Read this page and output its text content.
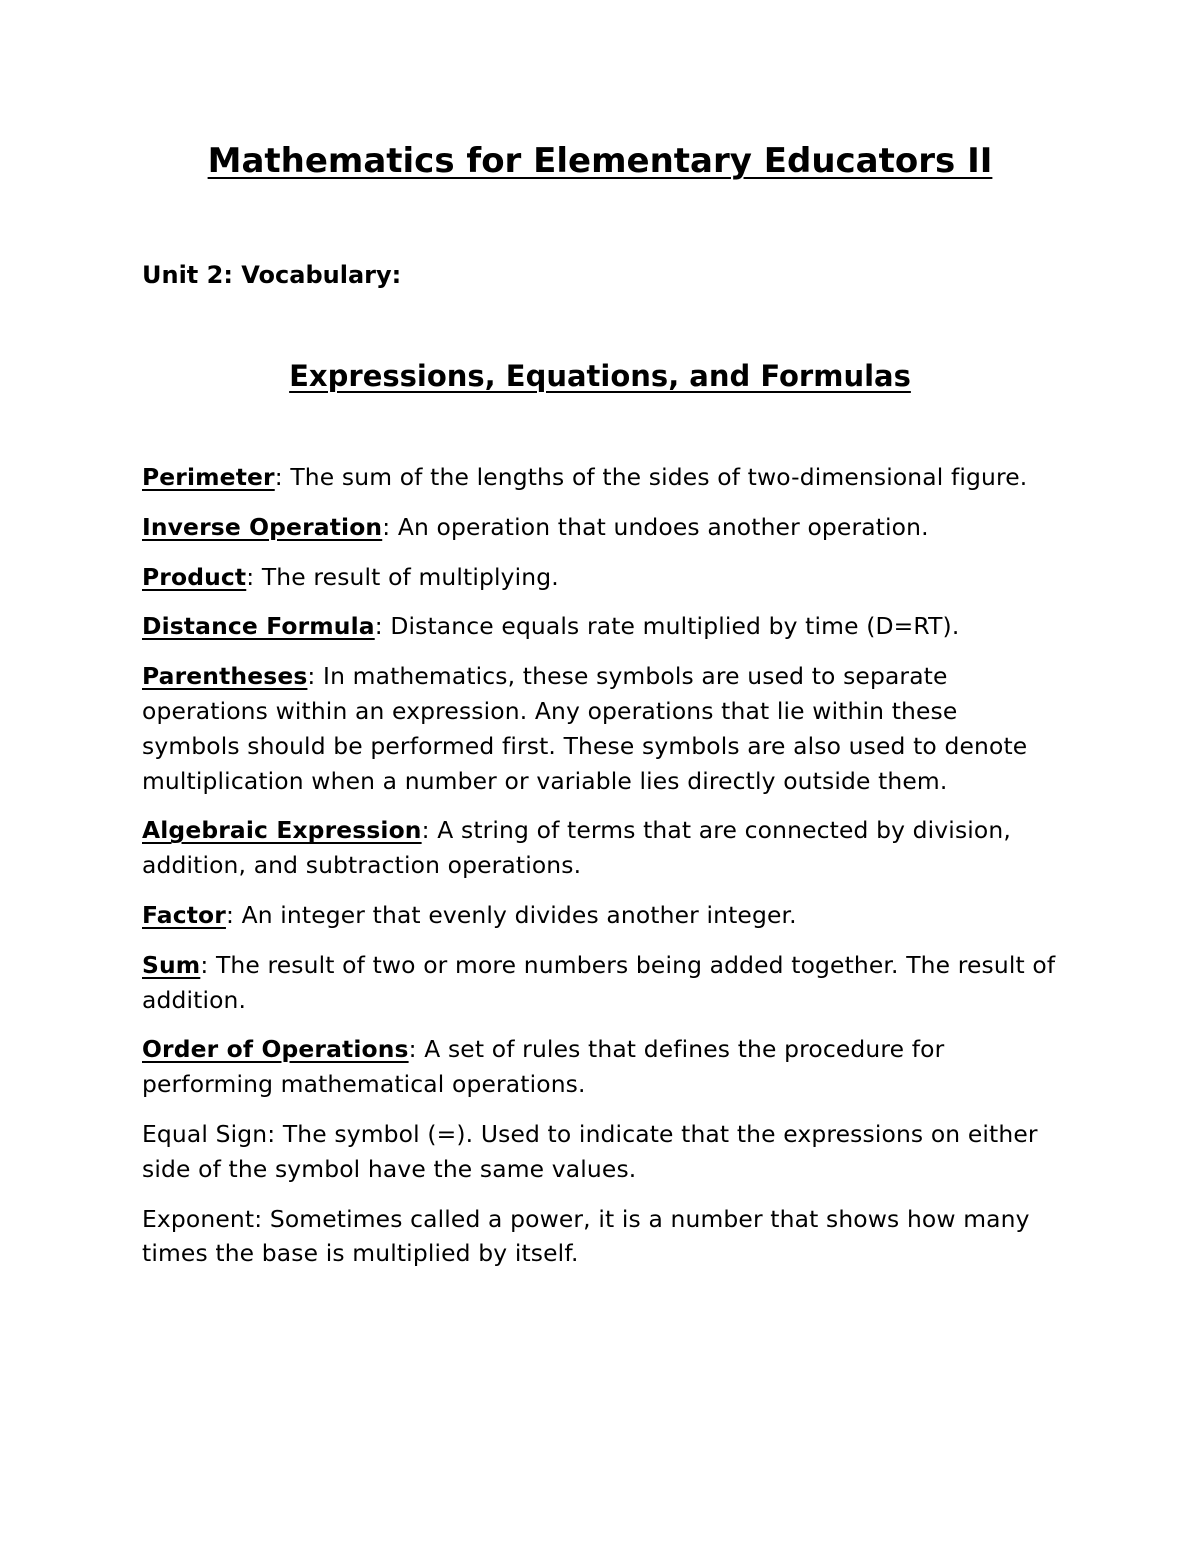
Mathematics for Elementary Educators II

Unit 2: Vocabulary:

Expressions, Equations, and Formulas
Perimeter: The sum of the lengths of the sides of two-dimensional figure.
Inverse Operation: An operation that undoes another operation.
Product: The result of multiplying.
Distance Formula: Distance equals rate multiplied by time (D=RT).
Parentheses: In mathematics, these symbols are used to separate operations within an expression. Any operations that lie within these symbols should be performed first. These symbols are also used to denote multiplication when a number or variable lies directly outside them.
Algebraic Expression: A string of terms that are connected by division, addition, and subtraction operations.
Factor: An integer that evenly divides another integer.
Sum: The result of two or more numbers being added together. The result of addition.
Order of Operations: A set of rules that defines the procedure for performing mathematical operations.
Equal Sign: The symbol (=). Used to indicate that the expressions on either side of the symbol have the same values.
Exponent: Sometimes called a power, it is a number that shows how many times the base is multiplied by itself.
